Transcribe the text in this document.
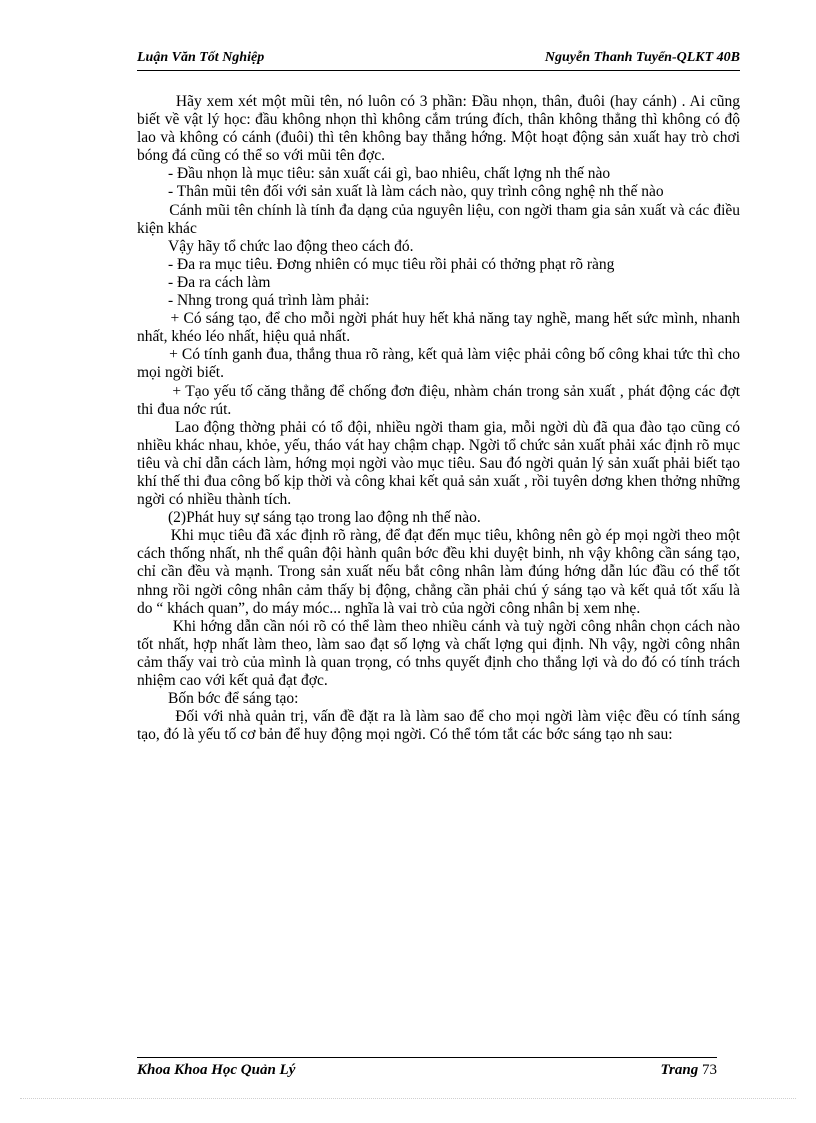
Luận Văn Tốt Nghiệp	Nguyễn Thanh Tuyển-QLKT 40B

Hãy xem xét một mũi tên, nó luôn có 3 phần: Đầu nhọn, thân, đuôi (hay cánh) . Ai cũng biết về vật lý học: đầu không nhọn thì không cắm trúng đích, thân không thẳng thì không có độ lao và không có cánh (đuôi) thì tên không bay thẳng hớng. Một hoạt động sản xuất hay trò chơi bóng đá cũng có thể so với mũi tên đợc.

- Đầu nhọn là mục tiêu: sản xuất cái gì, bao nhiêu, chất lợng nh thế nào

- Thân mũi tên đối với sản xuất là làm cách nào, quy trình công nghệ nh thế nào

Cánh mũi tên chính là tính đa dạng của nguyên liệu, con ngời tham gia sản xuất và các điều kiện khác

Vậy hãy tổ chức lao động theo cách đó.

- Đa ra mục tiêu. Đơng nhiên có mục tiêu rồi phải có thởng phạt rõ ràng

- Đa ra cách làm

- Nhng trong quá trình làm phải:

+ Có sáng tạo, để cho mỗi ngời phát huy hết khả năng tay nghề, mang hết sức mình, nhanh nhất, khéo léo nhất, hiệu quả nhất.

+ Có tính ganh đua, thắng thua rõ ràng, kết quả làm việc phải công bố công khai tức thì cho mọi ngời biết.

+ Tạo yếu tố căng thẳng để chống đơn điệu, nhàm chán trong sản xuất , phát động các đợt thi đua nớc rút.

Lao động thờng phải có tổ đội, nhiều ngời tham gia, mỗi ngời dù đã qua đào tạo cũng có nhiều khác nhau, khỏe, yếu, tháo vát hay chậm chạp. Ngời tổ chức sản xuất phải xác định rõ mục tiêu và chỉ dẫn cách làm, hớng mọi ngời vào mục tiêu. Sau đó ngời quản lý sản xuất phải biết tạo khí thế thi đua công bố kịp thời và công khai kết quả sản xuất , rồi tuyên dơng khen thởng những ngời có nhiều thành tích.

(2)Phát huy sự sáng tạo trong lao động nh thế nào.

Khi mục tiêu đã xác định rõ ràng, để đạt đến mục tiêu, không nên gò ép mọi ngời theo một cách thống nhất, nh thể quân đội hành quân bớc đều khi duyệt binh, nh vậy không cần sáng tạo, chỉ cần đều và mạnh. Trong sản xuất nếu bắt công nhân làm đúng hớng dẫn lúc đầu có thể tốt nhng rồi ngời công nhân cảm thấy bị động, chẳng cần phải chú ý sáng tạo và kết quả tốt xấu là do “ khách quan”, do máy móc... nghĩa là vai trò của ngời công nhân bị xem nhẹ.

Khi hớng dẫn cần nói rõ có thể làm theo nhiều cánh và tuỳ ngời công nhân chọn cách nào tốt nhất, hợp nhất làm theo, làm sao đạt số lợng và chất lợng qui định. Nh vậy, ngời công nhân cảm thấy vai trò của mình là quan trọng, có tnhs quyết định cho thắng lợi và do đó có tính trách nhiệm cao với kết quả đạt đợc.

Bốn bớc để sáng tạo:

Đối với nhà quản trị, vấn đề đặt ra là làm sao để cho mọi ngời làm việc đều có tính sáng tạo, đó là yếu tố cơ bản để huy động mọi ngời. Có thể tóm tắt các bớc sáng tạo nh sau:

Khoa Khoa Học Quản Lý	Trang 73
